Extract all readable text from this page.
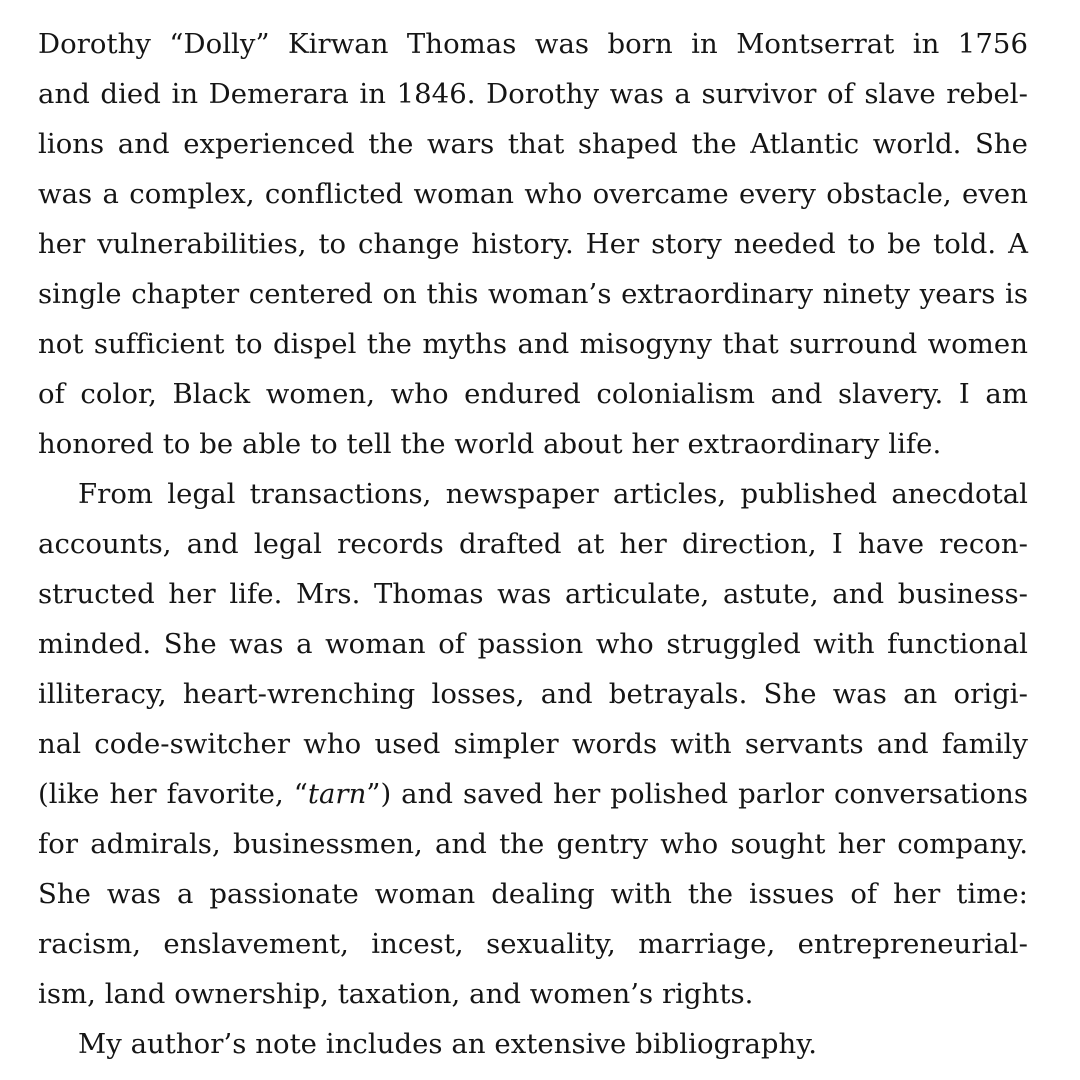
Dorothy “Dolly” Kirwan Thomas was born in Montserrat in 1756
and died in Demerara in 1846. Dorothy was a survivor of slave rebel-
lions and experienced the wars that shaped the Atlantic world. She
was a complex, conflicted woman who overcame every obstacle, even
her vulnerabilities, to change history. Her story needed to be told. A
single chapter centered on this woman’s extraordinary ninety years is
not sufficient to dispel the myths and misogyny that surround women
of color, Black women, who endured colonialism and slavery. I am
honored to be able to tell the world about her extraordinary life.
From legal transactions, newspaper articles, published anecdotal
accounts, and legal records drafted at her direction, I have recon-
structed her life. Mrs. Thomas was articulate, astute, and business-
minded. She was a woman of passion who struggled with functional
illiteracy, heart-wrenching losses, and betrayals. She was an origi-
nal code-switcher who used simpler words with servants and family
(like her favorite, “tarn”) and saved her polished parlor conversations
for admirals, businessmen, and the gentry who sought her company.
She was a passionate woman dealing with the issues of her time:
racism, enslavement, incest, sexuality, marriage, entrepreneurial-
ism, land ownership, taxation, and women’s rights.
My author’s note includes an extensive bibliography.
